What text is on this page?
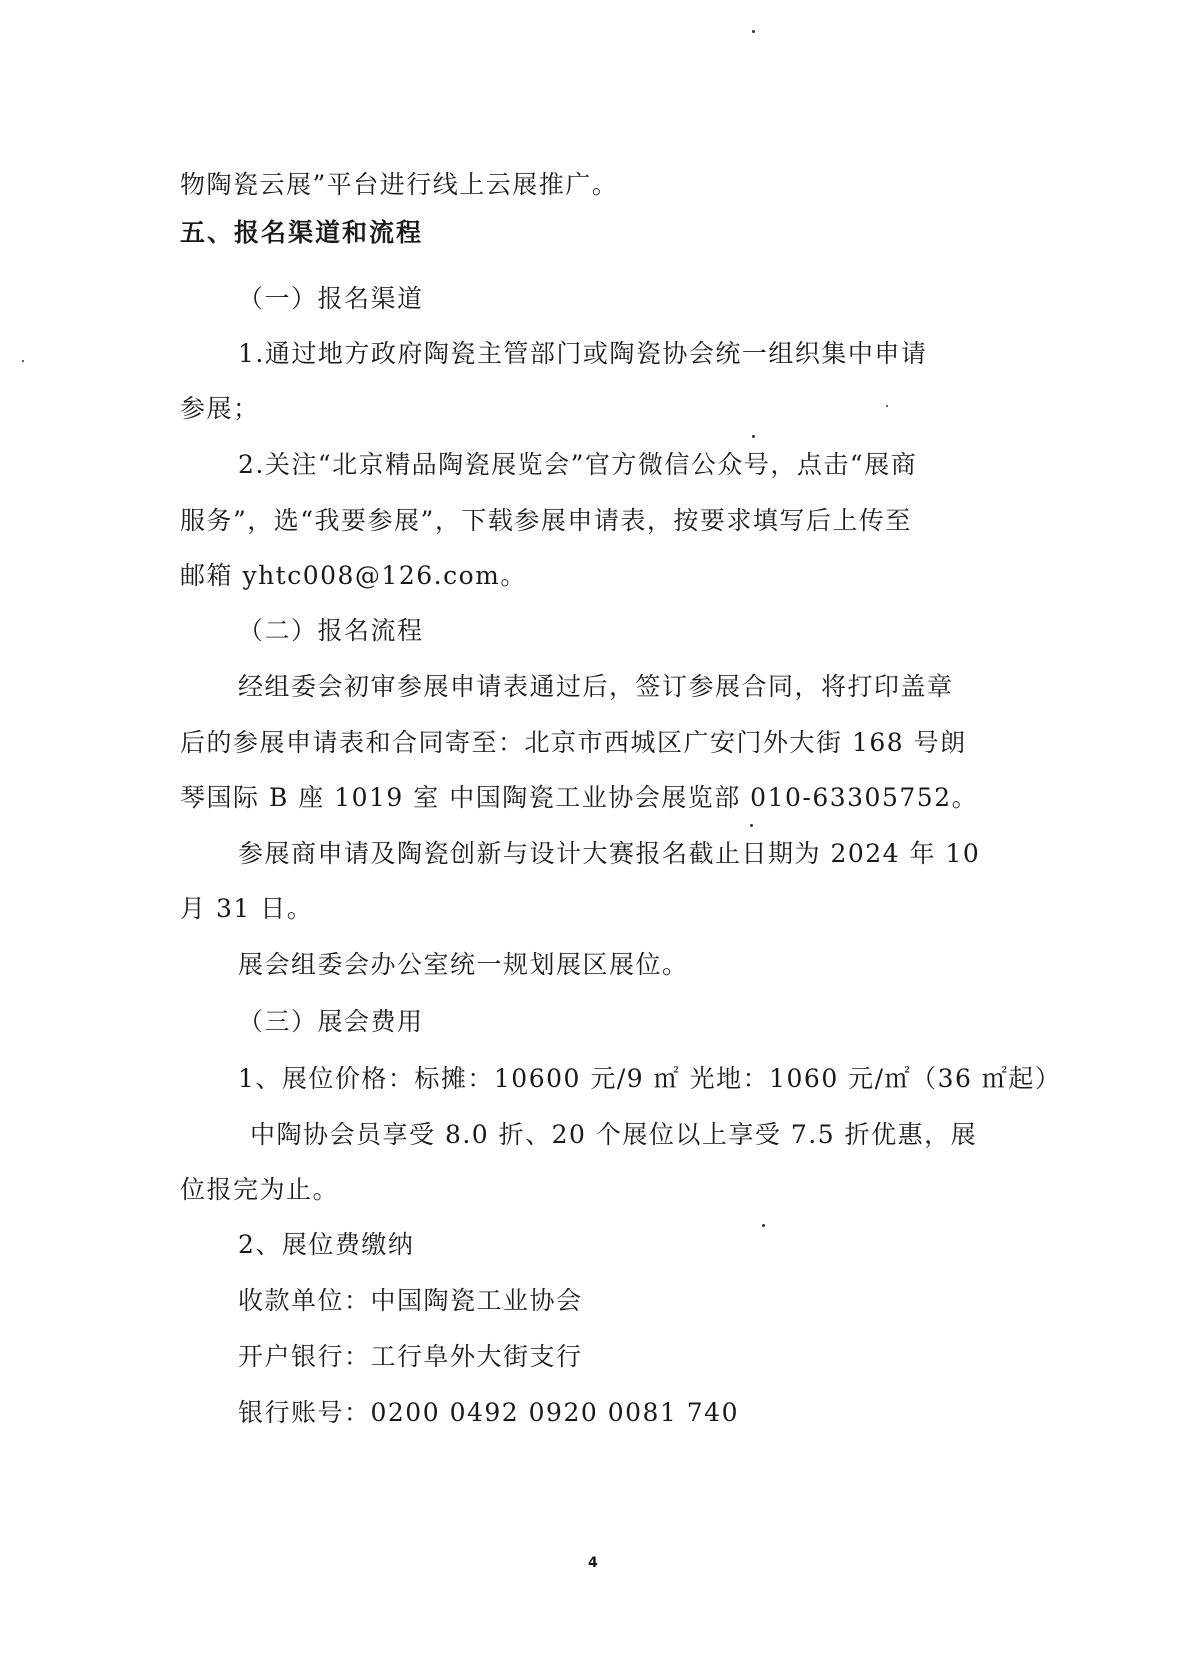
物陶瓷云展”平台进行线上云展推广。
五、报名渠道和流程
（一）报名渠道
1.通过地方政府陶瓷主管部门或陶瓷协会统一组织集中申请
参展；
2.关注“北京精品陶瓷展览会”官方微信公众号，点击“展商
服务”，选“我要参展”，下载参展申请表，按要求填写后上传至
邮箱 yhtc008@126.com。
（二）报名流程
经组委会初审参展申请表通过后，签订参展合同，将打印盖章
后的参展申请表和合同寄至：北京市西城区广安门外大街 168 号朗
琴国际 B 座 1019 室 中国陶瓷工业协会展览部 010-63305752。
参展商申请及陶瓷创新与设计大赛报名截止日期为 2024 年 10
月 31 日。
展会组委会办公室统一规划展区展位。
（三）展会费用
1、展位价格：标摊：10600 元/9 ㎡ 光地：1060 元/㎡（36 ㎡起）
中陶协会员享受 8.0 折、20 个展位以上享受 7.5 折优惠，展
位报完为止。
2、展位费缴纳
收款单位：中国陶瓷工业协会
开户银行：工行阜外大街支行
银行账号：0200 0492 0920 0081 740
4
